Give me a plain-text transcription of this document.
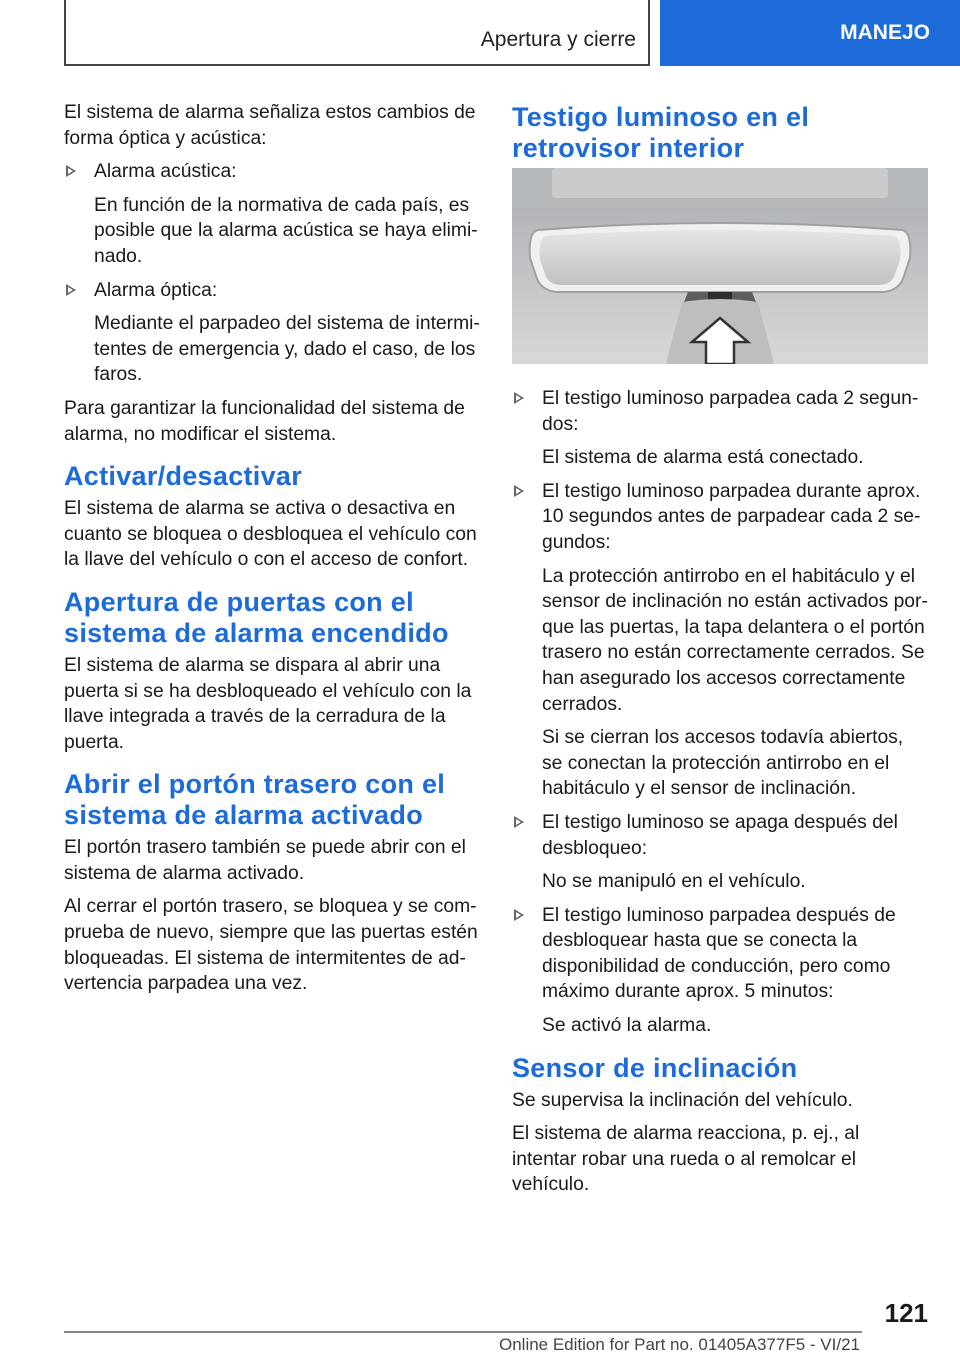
Apertura y cierre	MANEJO

El sistema de alarma señaliza estos cambios de forma óptica y acústica:

Alarma acústica:

En función de la normativa de cada país, es posible que la alarma acústica se haya eliminado.

Alarma óptica:

Mediante el parpadeo del sistema de intermitentes de emergencia y, dado el caso, de los faros.

Para garantizar la funcionalidad del sistema de alarma, no modificar el sistema.

Activar/desactivar

El sistema de alarma se activa o desactiva en cuanto se bloquea o desbloquea el vehículo con la llave del vehículo o con el acceso de confort.

Apertura de puertas con el sistema de alarma encendido

El sistema de alarma se dispara al abrir una puerta si se ha desbloqueado el vehículo con la llave integrada a través de la cerradura de la puerta.

Abrir el portón trasero con el sistema de alarma activado

El portón trasero también se puede abrir con el sistema de alarma activado.

Al cerrar el portón trasero, se bloquea y se comprueba de nuevo, siempre que las puertas estén bloqueadas. El sistema de intermitentes de advertencia parpadea una vez.

Testigo luminoso en el retrovisor interior

El testigo luminoso parpadea cada 2 segundos:

El sistema de alarma está conectado.

El testigo luminoso parpadea durante aprox. 10 segundos antes de parpadear cada 2 segundos:

La protección antirrobo en el habitáculo y el sensor de inclinación no están activados porque las puertas, la tapa delantera o el portón trasero no están correctamente cerrados. Se han asegurado los accesos correctamente cerrados.

Si se cierran los accesos todavía abiertos, se conectan la protección antirrobo en el habitáculo y el sensor de inclinación.

El testigo luminoso se apaga después del desbloqueo:

No se manipuló en el vehículo.

El testigo luminoso parpadea después de desbloquear hasta que se conecta la disponibilidad de conducción, pero como máximo durante aprox. 5 minutos:

Se activó la alarma.

Sensor de inclinación

Se supervisa la inclinación del vehículo.

El sistema de alarma reacciona, p. ej., al intentar robar una rueda o al remolcar el vehículo.

121
Online Edition for Part no. 01405A377F5 - VI/21
